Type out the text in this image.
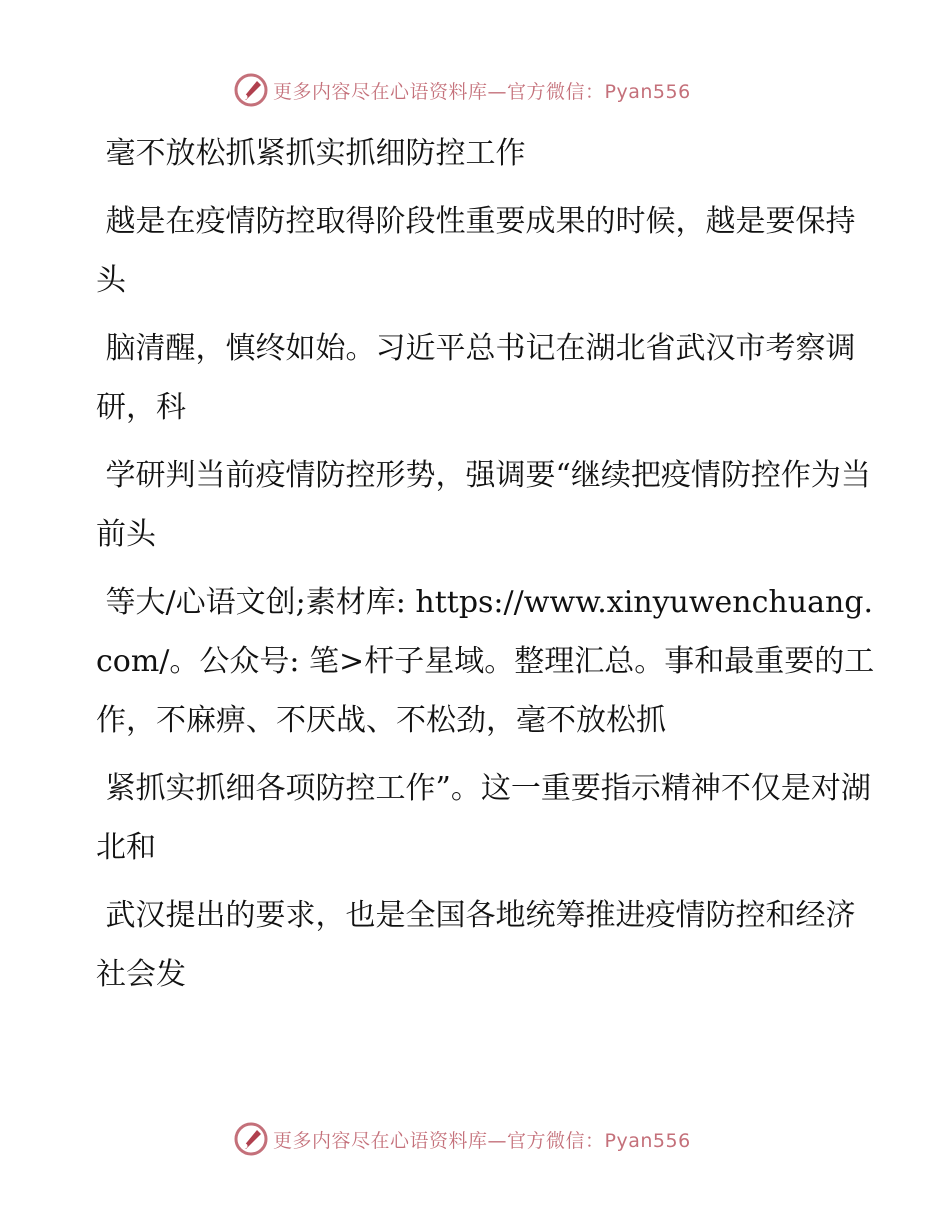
更多内容尽在心语资料库—官方微信：Pyan556

毫不放松抓紧抓实抓细防控工作

越是在疫情防控取得阶段性重要成果的时候，越是要保持头

脑清醒，慎终如始。习近平总书记在湖北省武汉市考察调研，科

学研判当前疫情防控形势，强调要“继续把疫情防控作为当前头

等大/心语文创;素材库: https://www.xinyuwenchuang.com/。公众号: 笔>杆子星域。整理汇总。事和最重要的工作，不麻痹、不厌战、不松劲，毫不放松抓

紧抓实抓细各项防控工作”。这一重要指示精神不仅是对湖北和

武汉提出的要求，也是全国各地统筹推进疫情防控和经济社会发

更多内容尽在心语资料库—官方微信：Pyan556
